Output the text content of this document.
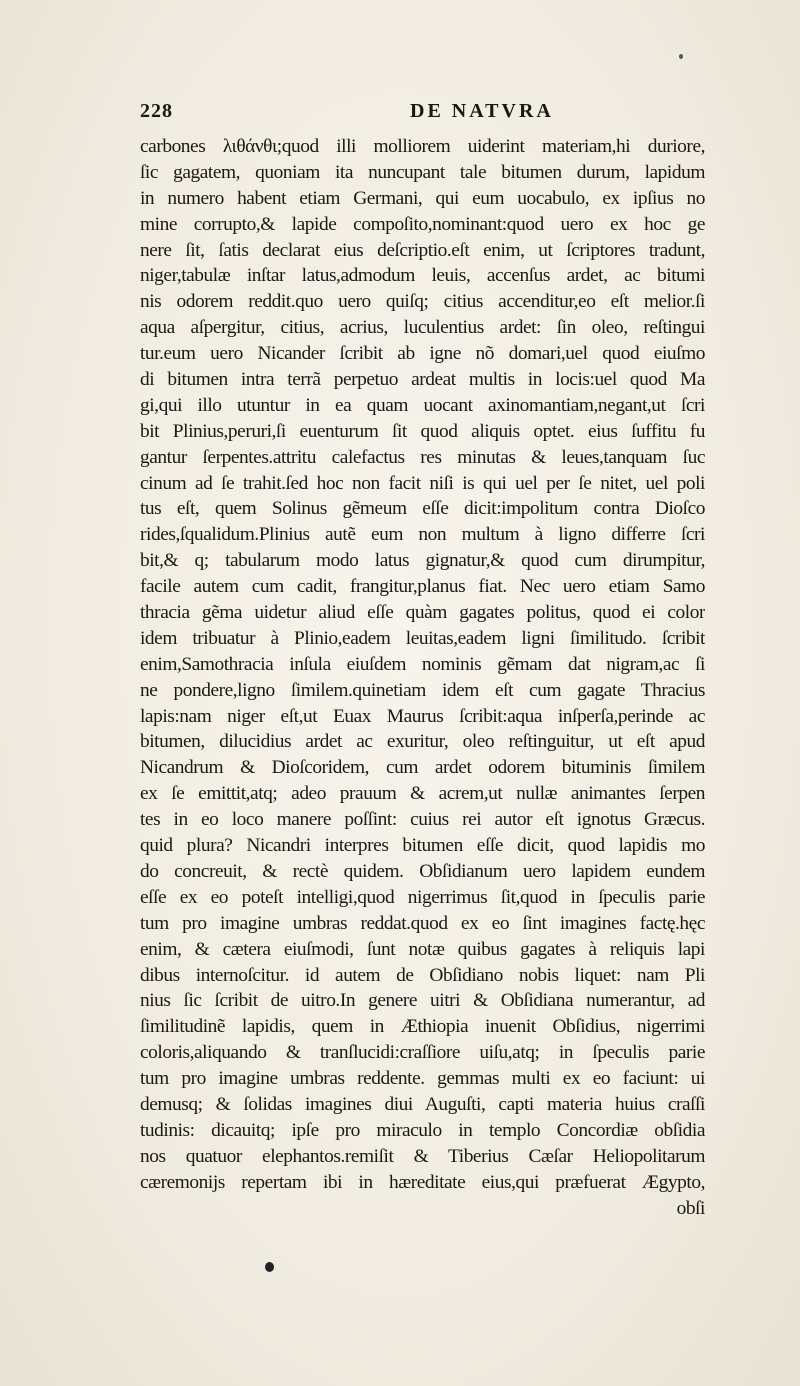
228	DE NATVRA
carbones λιθάνθι;quod illi molliorem uiderint materiam,hi duriore,
ſic gagatem, quoniam ita nuncupant tale bitumen durum, lapidum
in numero habent etiam Germani, qui eum uocabulo, ex ipſius no
mine corrupto,& lapide compoſito,nominant:quod uero ex hoc ge
nere ſit, ſatis declarat eius deſcriptio.eſt enim, ut ſcriptores tradunt,
niger,tabulæ inſtar latus,admodum leuis, accenſus ardet, ac bitumi
nis odorem reddit.quo uero quiſq; citius accenditur,eo eſt melior.ſi
aqua aſpergitur, citius, acrius, luculentius ardet: ſin oleo, reſtingui
tur.eum uero Nicander ſcribit ab igne nõ domari,uel quod eiuſmo
di bitumen intra terrã perpetuo ardeat multis in locis:uel quod Ma
gi,qui illo utuntur in ea quam uocant axinomantiam,negant,ut ſcri
bit Plinius,peruri,ſi euenturum ſit quod aliquis optet. eius ſuffitu fu
gantur ſerpentes.attritu calefactus res minutas & leues,tanquam ſuc
cinum ad ſe trahit.ſed hoc non facit niſi is qui uel per ſe nitet, uel poli
tus eſt, quem Solinus gẽmeum eſſe dicit:impolitum contra Dioſco
rides,ſqualidum.Plinius autẽ eum non multum à ligno differre ſcri
bit,& q; tabularum modo latus gignatur,& quod cum dirumpitur,
facile autem cum cadit, frangitur,planus fiat. Nec uero etiam Samo
thracia gẽma uidetur aliud eſſe quàm gagates politus, quod ei color
idem tribuatur à Plinio,eadem leuitas,eadem ligni ſimilitudo. ſcribit
enim,Samothracia inſula eiuſdem nominis gẽmam dat nigram,ac ſi
ne pondere,ligno ſimilem.quinetiam idem eſt cum gagate Thracius
lapis:nam niger eſt,ut Euax Maurus ſcribit:aqua inſperſa,perinde ac
bitumen, dilucidius ardet ac exuritur, oleo reſtinguitur, ut eſt apud
Nicandrum & Dioſcoridem, cum ardet odorem bituminis ſimilem
ex ſe emittit,atq; adeo prauum & acrem,ut nullæ animantes ſerpen
tes in eo loco manere poſſint: cuius rei autor eſt ignotus Græcus.
quid plura? Nicandri interpres bitumen eſſe dicit, quod lapidis mo
do concreuit, & rectè quidem. Obſidianum uero lapidem eundem
eſſe ex eo poteſt intelligi,quod nigerrimus ſit,quod in ſpeculis parie
tum pro imagine umbras reddat.quod ex eo ſint imagines factę.hęc
enim, & cætera eiuſmodi, ſunt notæ quibus gagates à reliquis lapi
dibus internoſcitur. id autem de Obſidiano nobis liquet: nam Pli
nius ſic ſcribit de uitro.In genere uitri & Obſidiana numerantur, ad
ſimilitudinẽ lapidis, quem in Æthiopia inuenit Obſidius, nigerrimi
coloris,aliquando & tranſlucidi:craſſiore uiſu,atq; in ſpeculis parie
tum pro imagine umbras reddente. gemmas multi ex eo faciunt: ui
demusq; & ſolidas imagines diui Auguſti, capti materia huius craſſi
tudinis: dicauitq; ipſe pro miraculo in templo Concordiæ obſidia
nos quatuor elephantos.remiſit & Tiberius Cæſar Heliopolitarum
cæremonijs repertam ibi in hæreditate eius,qui præfuerat Ægypto,
obſi
